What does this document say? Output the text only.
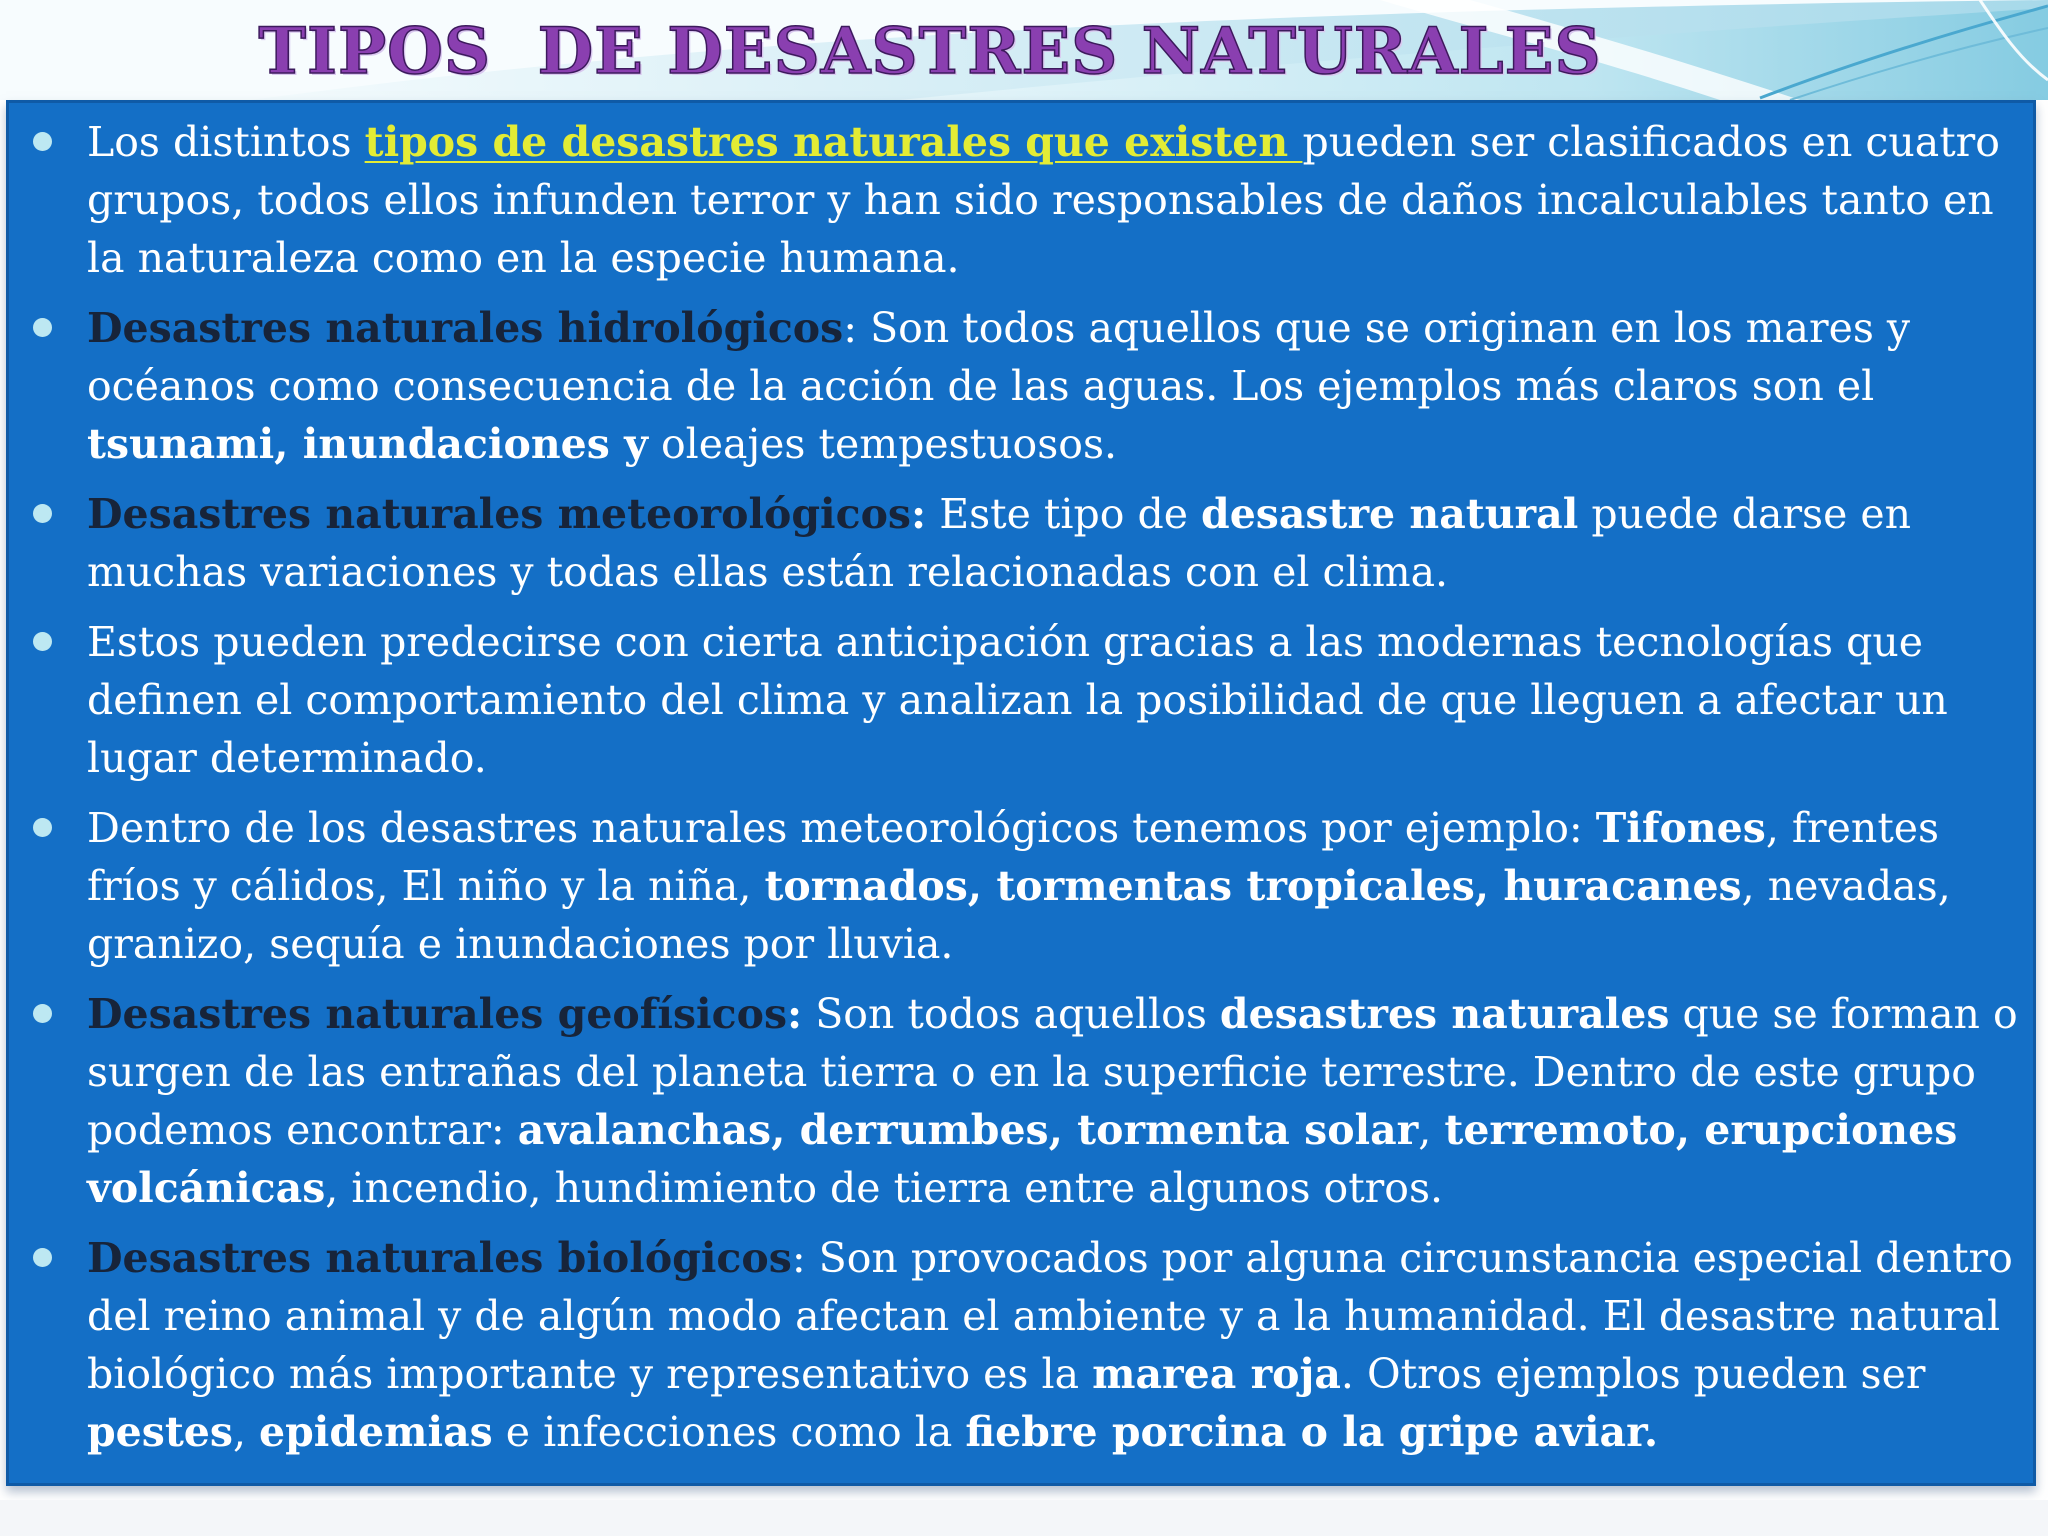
TIPOS  DE DESASTRES NATURALES
Los distintos tipos de desastres naturales que existen pueden ser clasificados en cuatro grupos, todos ellos infunden terror y han sido responsables de daños incalculables tanto en la naturaleza como en la especie humana.
Desastres naturales hidrológicos: Son todos aquellos que se originan en los mares y océanos como consecuencia de la acción de las aguas. Los ejemplos más claros son el tsunami, inundaciones y oleajes tempestuosos.
Desastres naturales meteorológicos: Este tipo de desastre natural puede darse en muchas variaciones y todas ellas están relacionadas con el clima.
Estos pueden predecirse con cierta anticipación gracias a las modernas tecnologías que definen el comportamiento del clima y analizan la posibilidad de que lleguen a afectar un lugar determinado.
Dentro de los desastres naturales meteorológicos tenemos por ejemplo: Tifones, frentes fríos y cálidos, El niño y la niña, tornados, tormentas tropicales, huracanes, nevadas, granizo, sequía e inundaciones por lluvia.
Desastres naturales geofísicos: Son todos aquellos desastres naturales que se forman o surgen de las entrañas del planeta tierra o en la superficie terrestre. Dentro de este grupo podemos encontrar: avalanchas, derrumbes, tormenta solar, terremoto, erupciones volcánicas, incendio, hundimiento de tierra entre algunos otros.
Desastres naturales biológicos: Son provocados por alguna circunstancia especial dentro del reino animal y de algún modo afectan el ambiente y a la humanidad. El desastre natural biológico más importante y representativo es la marea roja. Otros ejemplos pueden ser pestes, epidemias e infecciones como la fiebre porcina o la gripe aviar.
